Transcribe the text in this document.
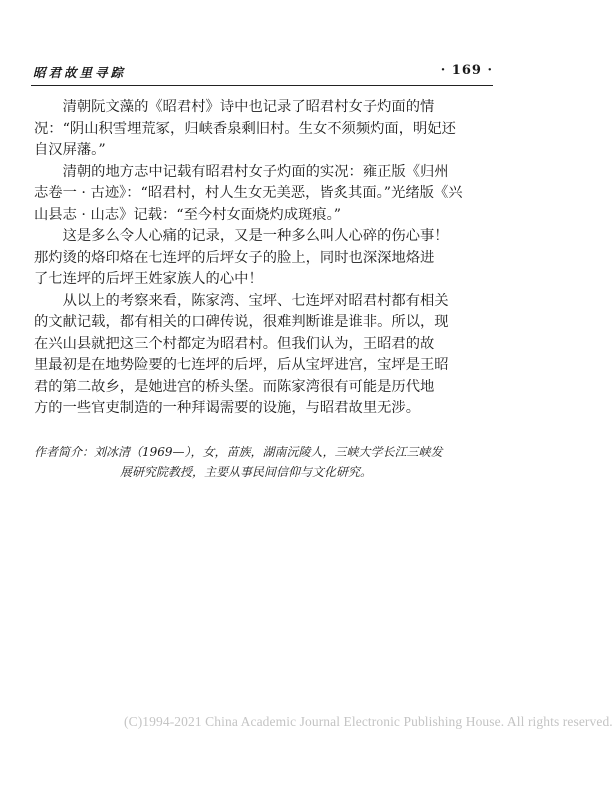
昭君故里寻踪	· 169 ·
　　清朝阮文藻的《昭君村》诗中也记录了昭君村女子灼面的情
况：“阴山积雪埋荒冢，归峡香泉剩旧村。生女不须频灼面，明妃还
自汉屏藩。”
　　清朝的地方志中记载有昭君村女子灼面的实况：雍正版《归州
志卷一 · 古迹》：“昭君村，村人生女无美恶，皆炙其面。”光绪版《兴
山县志 · 山志》记载：“至今村女面烧灼成斑痕。”
　　这是多么令人心痛的记录，又是一种多么叫人心碎的伤心事！
那灼烫的烙印烙在七连坪的后坪女子的脸上，同时也深深地烙进
了七连坪的后坪王姓家族人的心中！
　　从以上的考察来看，陈家湾、宝坪、七连坪对昭君村都有相关
的文献记载，都有相关的口碑传说，很难判断谁是谁非。所以，现
在兴山县就把这三个村都定为昭君村。但我们认为，王昭君的故
里最初是在地势险要的七连坪的后坪，后从宝坪进宫，宝坪是王昭
君的第二故乡，是她进宫的桥头堡。而陈家湾很有可能是历代地
方的一些官吏制造的一种拜谒需要的设施，与昭君故里无涉。
作者简介：刘冰清（1969—），女，苗族，湖南沅陵人，三峡大学长江三峡发
展研究院教授，主要从事民间信仰与文化研究。
(C)1994-2021 China Academic Journal Electronic Publishing House. All rights reserved.
